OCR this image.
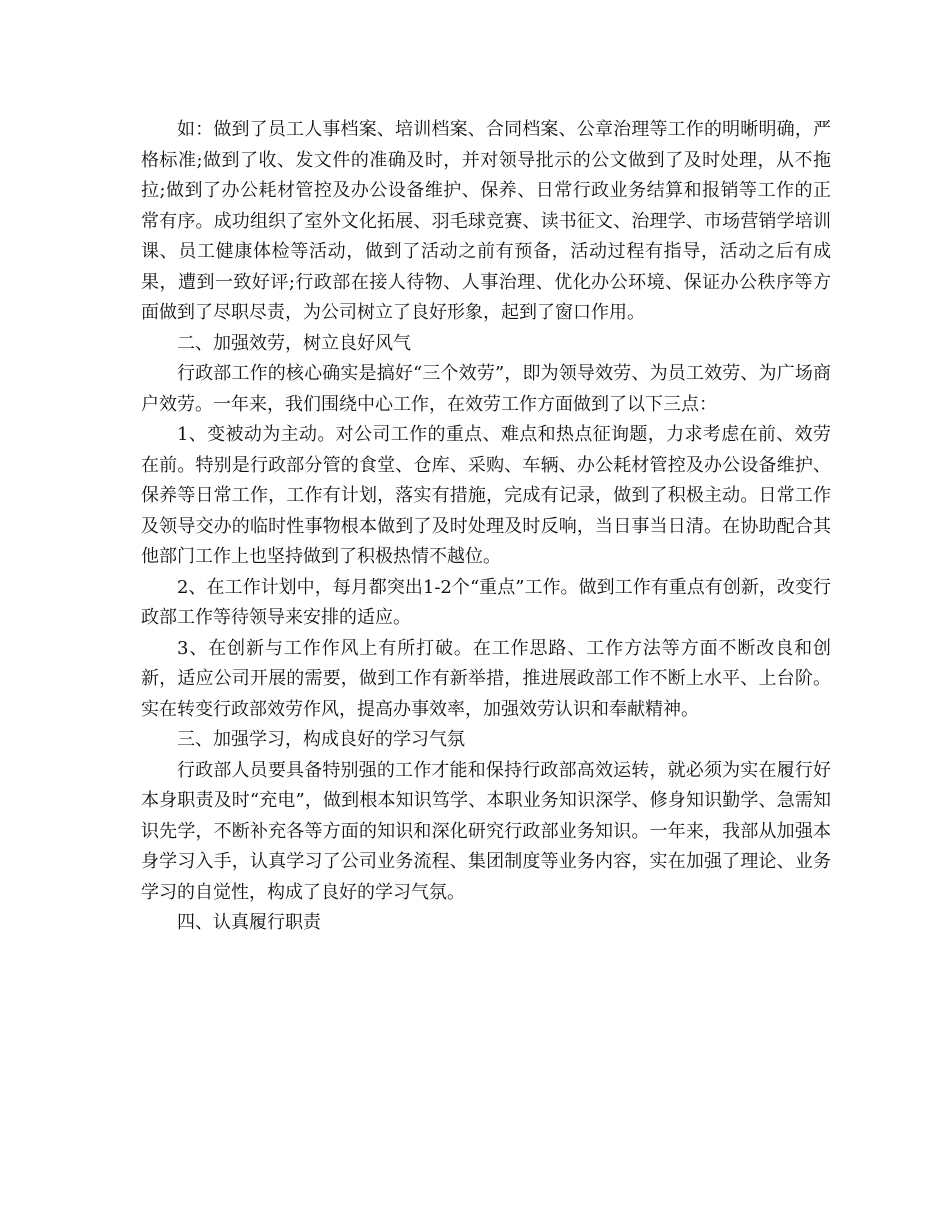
如：做到了员工人事档案、培训档案、合同档案、公章治理等工作的明晰明确，严格标准;做到了收、发文件的准确及时，并对领导批示的公文做到了及时处理，从不拖拉;做到了办公耗材管控及办公设备维护、保养、日常行政业务结算和报销等工作的正常有序。成功组织了室外文化拓展、羽毛球竞赛、读书征文、治理学、市场营销学培训课、员工健康体检等活动，做到了活动之前有预备，活动过程有指导，活动之后有成果，遭到一致好评;行政部在接人待物、人事治理、优化办公环境、保证办公秩序等方面做到了尽职尽责，为公司树立了良好形象，起到了窗口作用。

二、加强效劳，树立良好风气

行政部工作的核心确实是搞好“三个效劳”，即为领导效劳、为员工效劳、为广场商户效劳。一年来，我们围绕中心工作，在效劳工作方面做到了以下三点：

1、变被动为主动。对公司工作的重点、难点和热点征询题，力求考虑在前、效劳在前。特别是行政部分管的食堂、仓库、采购、车辆、办公耗材管控及办公设备维护、保养等日常工作，工作有计划，落实有措施，完成有记录，做到了积极主动。日常工作及领导交办的临时性事物根本做到了及时处理及时反响，当日事当日清。在协助配合其他部门工作上也坚持做到了积极热情不越位。

2、在工作计划中，每月都突出1-2个“重点”工作。做到工作有重点有创新，改变行政部工作等待领导来安排的适应。

3、在创新与工作作风上有所打破。在工作思路、工作方法等方面不断改良和创新，适应公司开展的需要，做到工作有新举措，推进展政部工作不断上水平、上台阶。实在转变行政部效劳作风，提高办事效率，加强效劳认识和奉献精神。

三、加强学习，构成良好的学习气氛

行政部人员要具备特别强的工作才能和保持行政部高效运转，就必须为实在履行好本身职责及时“充电”，做到根本知识笃学、本职业务知识深学、修身知识勤学、急需知识先学，不断补充各等方面的知识和深化研究行政部业务知识。一年来，我部从加强本身学习入手，认真学习了公司业务流程、集团制度等业务内容，实在加强了理论、业务学习的自觉性，构成了良好的学习气氛。

四、认真履行职责
